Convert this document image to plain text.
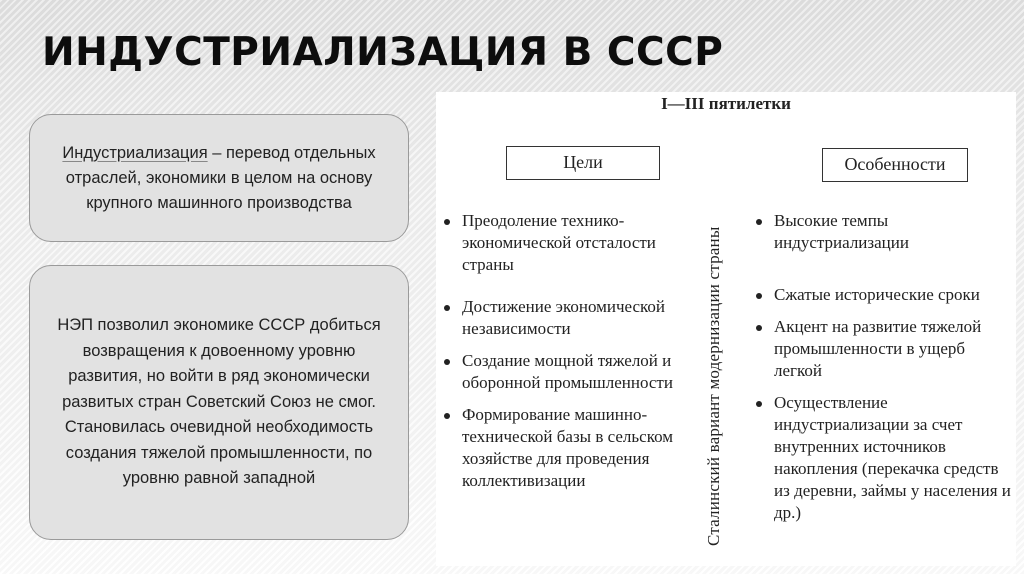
ИНДУСТРИАЛИЗАЦИЯ В СССР
Индустриализация – перевод отдельных отраслей, экономики в целом на основу крупного машинного производства
НЭП позволил экономике СССР добиться возвращения к довоенному уровню развития, но войти в ряд экономически развитых стран Советский Союз не смог. Становилась очевидной необходимость создания тяжелой промышленности, по уровню равной западной
I—III пятилетки
Цели	Особенности
Сталинский вариант модернизации страны
Преодоление технико-экономической отсталости страны
Достижение экономической независимости
Создание мощной тяжелой и оборонной промышленности
Формирование машинно-технической базы в сельском хозяйстве для проведения коллективизации
Высокие темпы индустриализации
Сжатые исторические сроки
Акцент на развитие тяжелой промышленности в ущерб легкой
Осуществление индустриализации за счет внутренних источников накопления (перекачка средств из деревни, займы у населения и др.)
